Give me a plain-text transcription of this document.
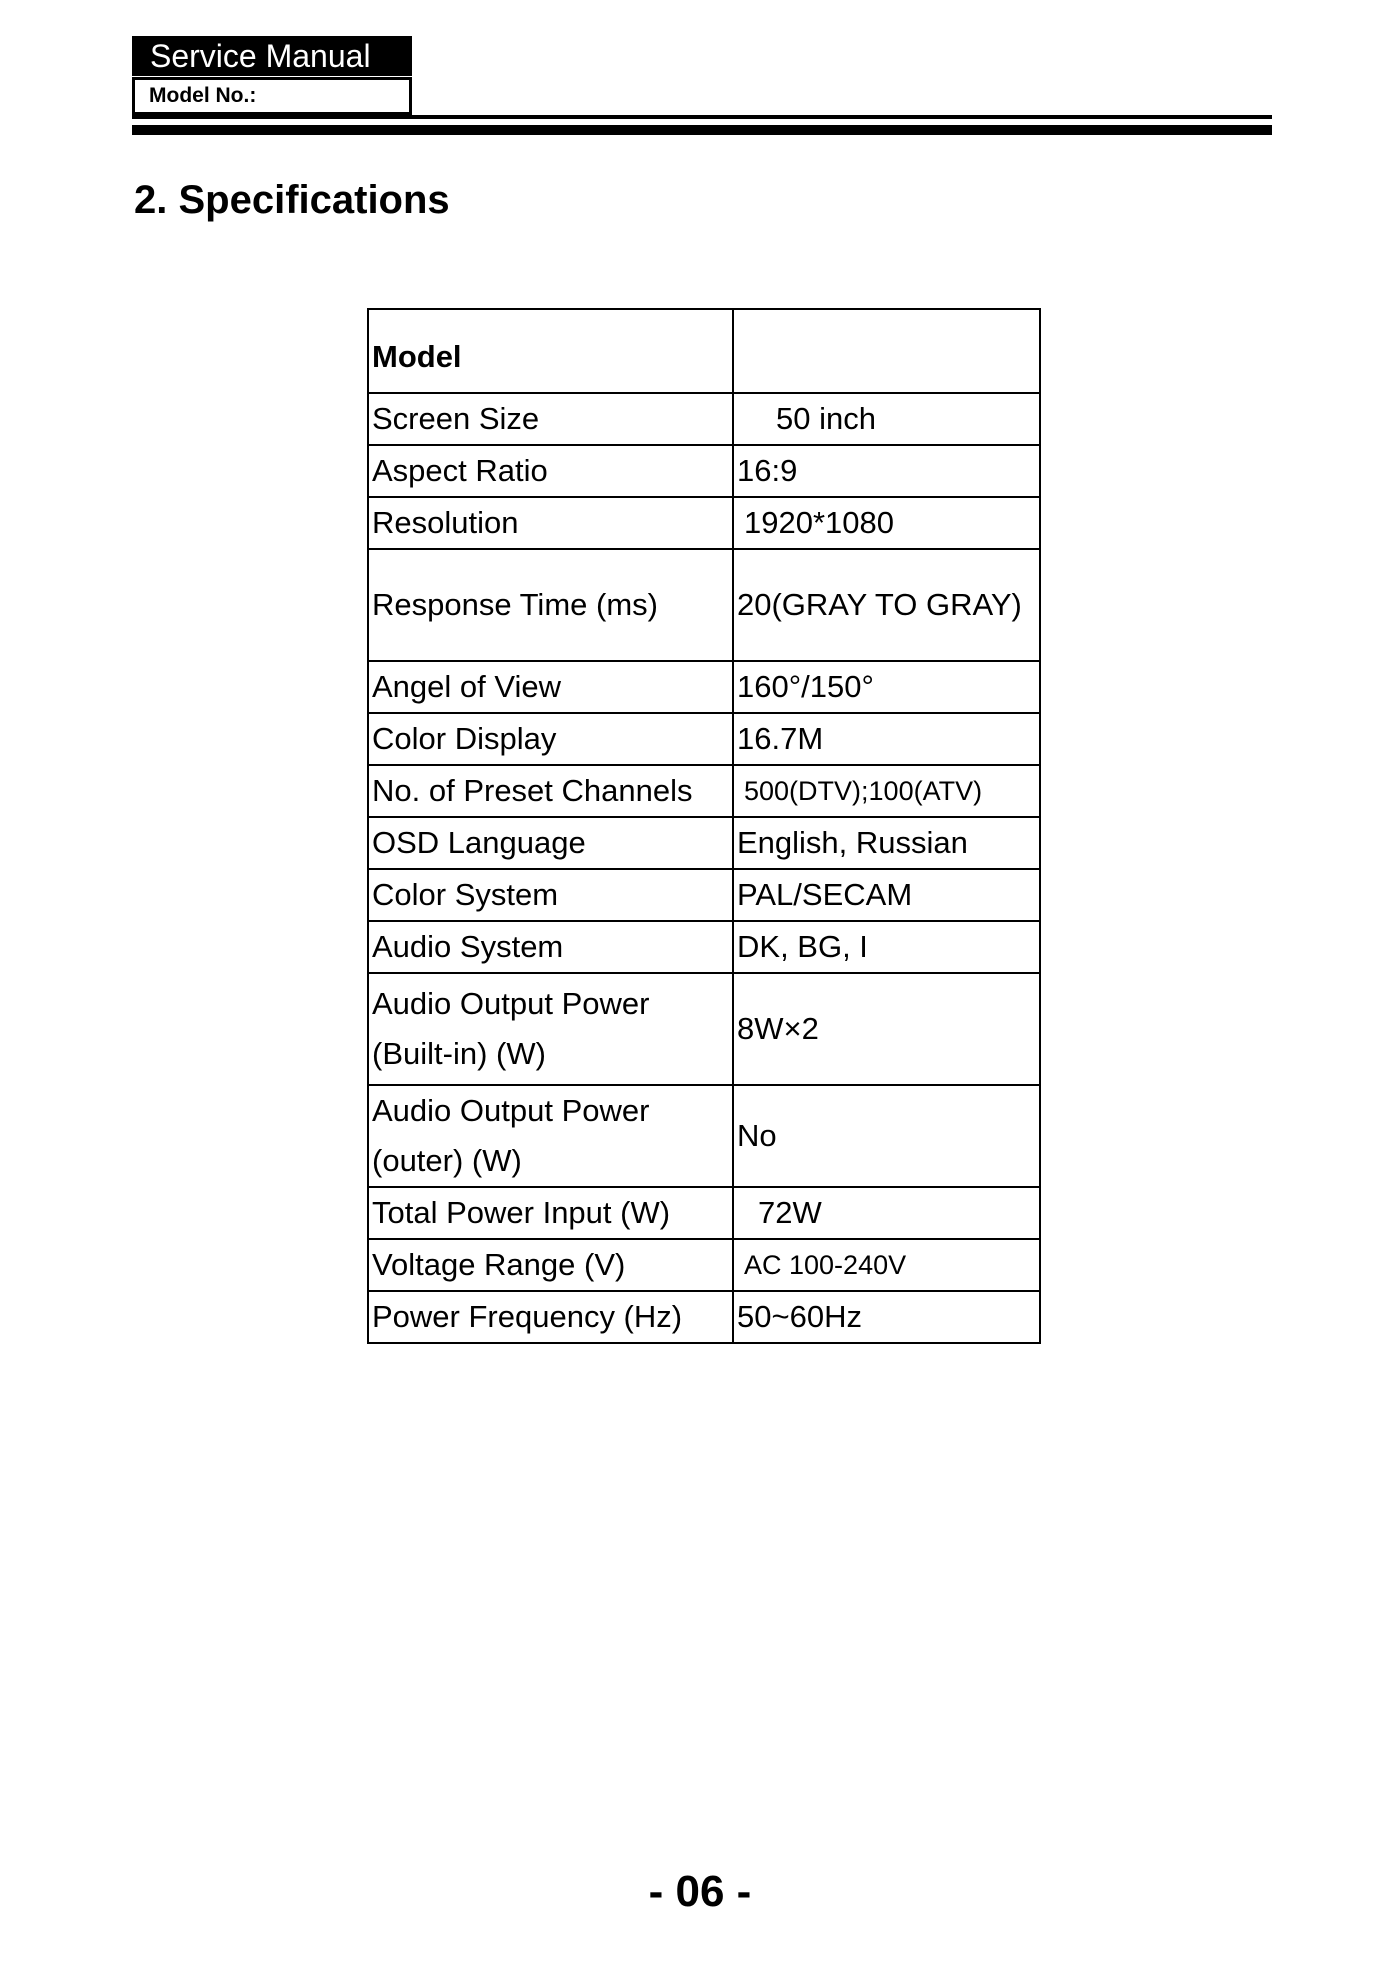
Service Manual
Model No.:
2. Specifications
Model	
Screen Size	50 inch
Aspect Ratio	16:9
Resolution	1920*1080
Response Time (ms)	20(GRAY TO GRAY)
Angel of View	160°/150°
Color Display	16.7M
No. of Preset Channels	500(DTV);100(ATV)
OSD Language	English, Russian
Color System	PAL/SECAM
Audio System	DK, BG, I
Audio Output Power (Built-in) (W)	8W×2
Audio Output Power (outer) (W)	No
Total Power Input (W)	72W
Voltage Range (V)	AC 100-240V
Power Frequency (Hz)	50~60Hz
- 06 -
